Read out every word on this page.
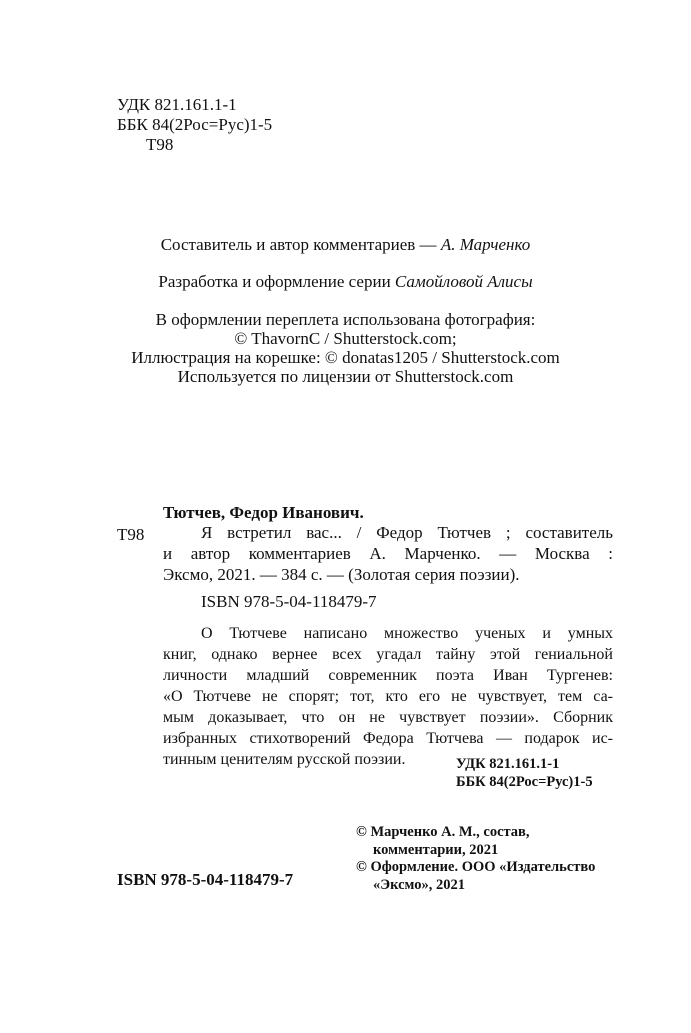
УДК 821.161.1-1
ББК 84(2Рос=Рус)1-5
Т98
Составитель и автор комментариев — А. Марченко
Разработка и оформление серии Самойловой Алисы
В оформлении переплета использована фотография:
© ThavornC / Shutterstock.com;
Иллюстрация на корешке: © donatas1205 / Shutterstock.com
Используется по лицензии от Shutterstock.com
Тютчев, Федор Иванович.
Т98	Я встретил вас... / Федор Тютчев ; составитель
и автор комментариев А. Марченко. — Москва :
Эксмо, 2021. — 384 с. — (Золотая серия поэзии).
ISBN 978-5-04-118479-7
О Тютчеве написано множество ученых и умных
книг, однако вернее всех угадал тайну этой гениальной
личности младший современник поэта Иван Тургенев:
«О Тютчеве не спорят; тот, кто его не чувствует, тем са-
мым доказывает, что он не чувствует поэзии». Сборник
избранных стихотворений Федора Тютчева — подарок ис-
тинным ценителям русской поэзии.	УДК 821.161.1-1
ББК 84(2Рос=Рус)1-5
© Марченко А. М., состав,
комментарии, 2021
© Оформление. ООО «Издательство
«Эксмо», 2021
ISBN 978-5-04-118479-7
